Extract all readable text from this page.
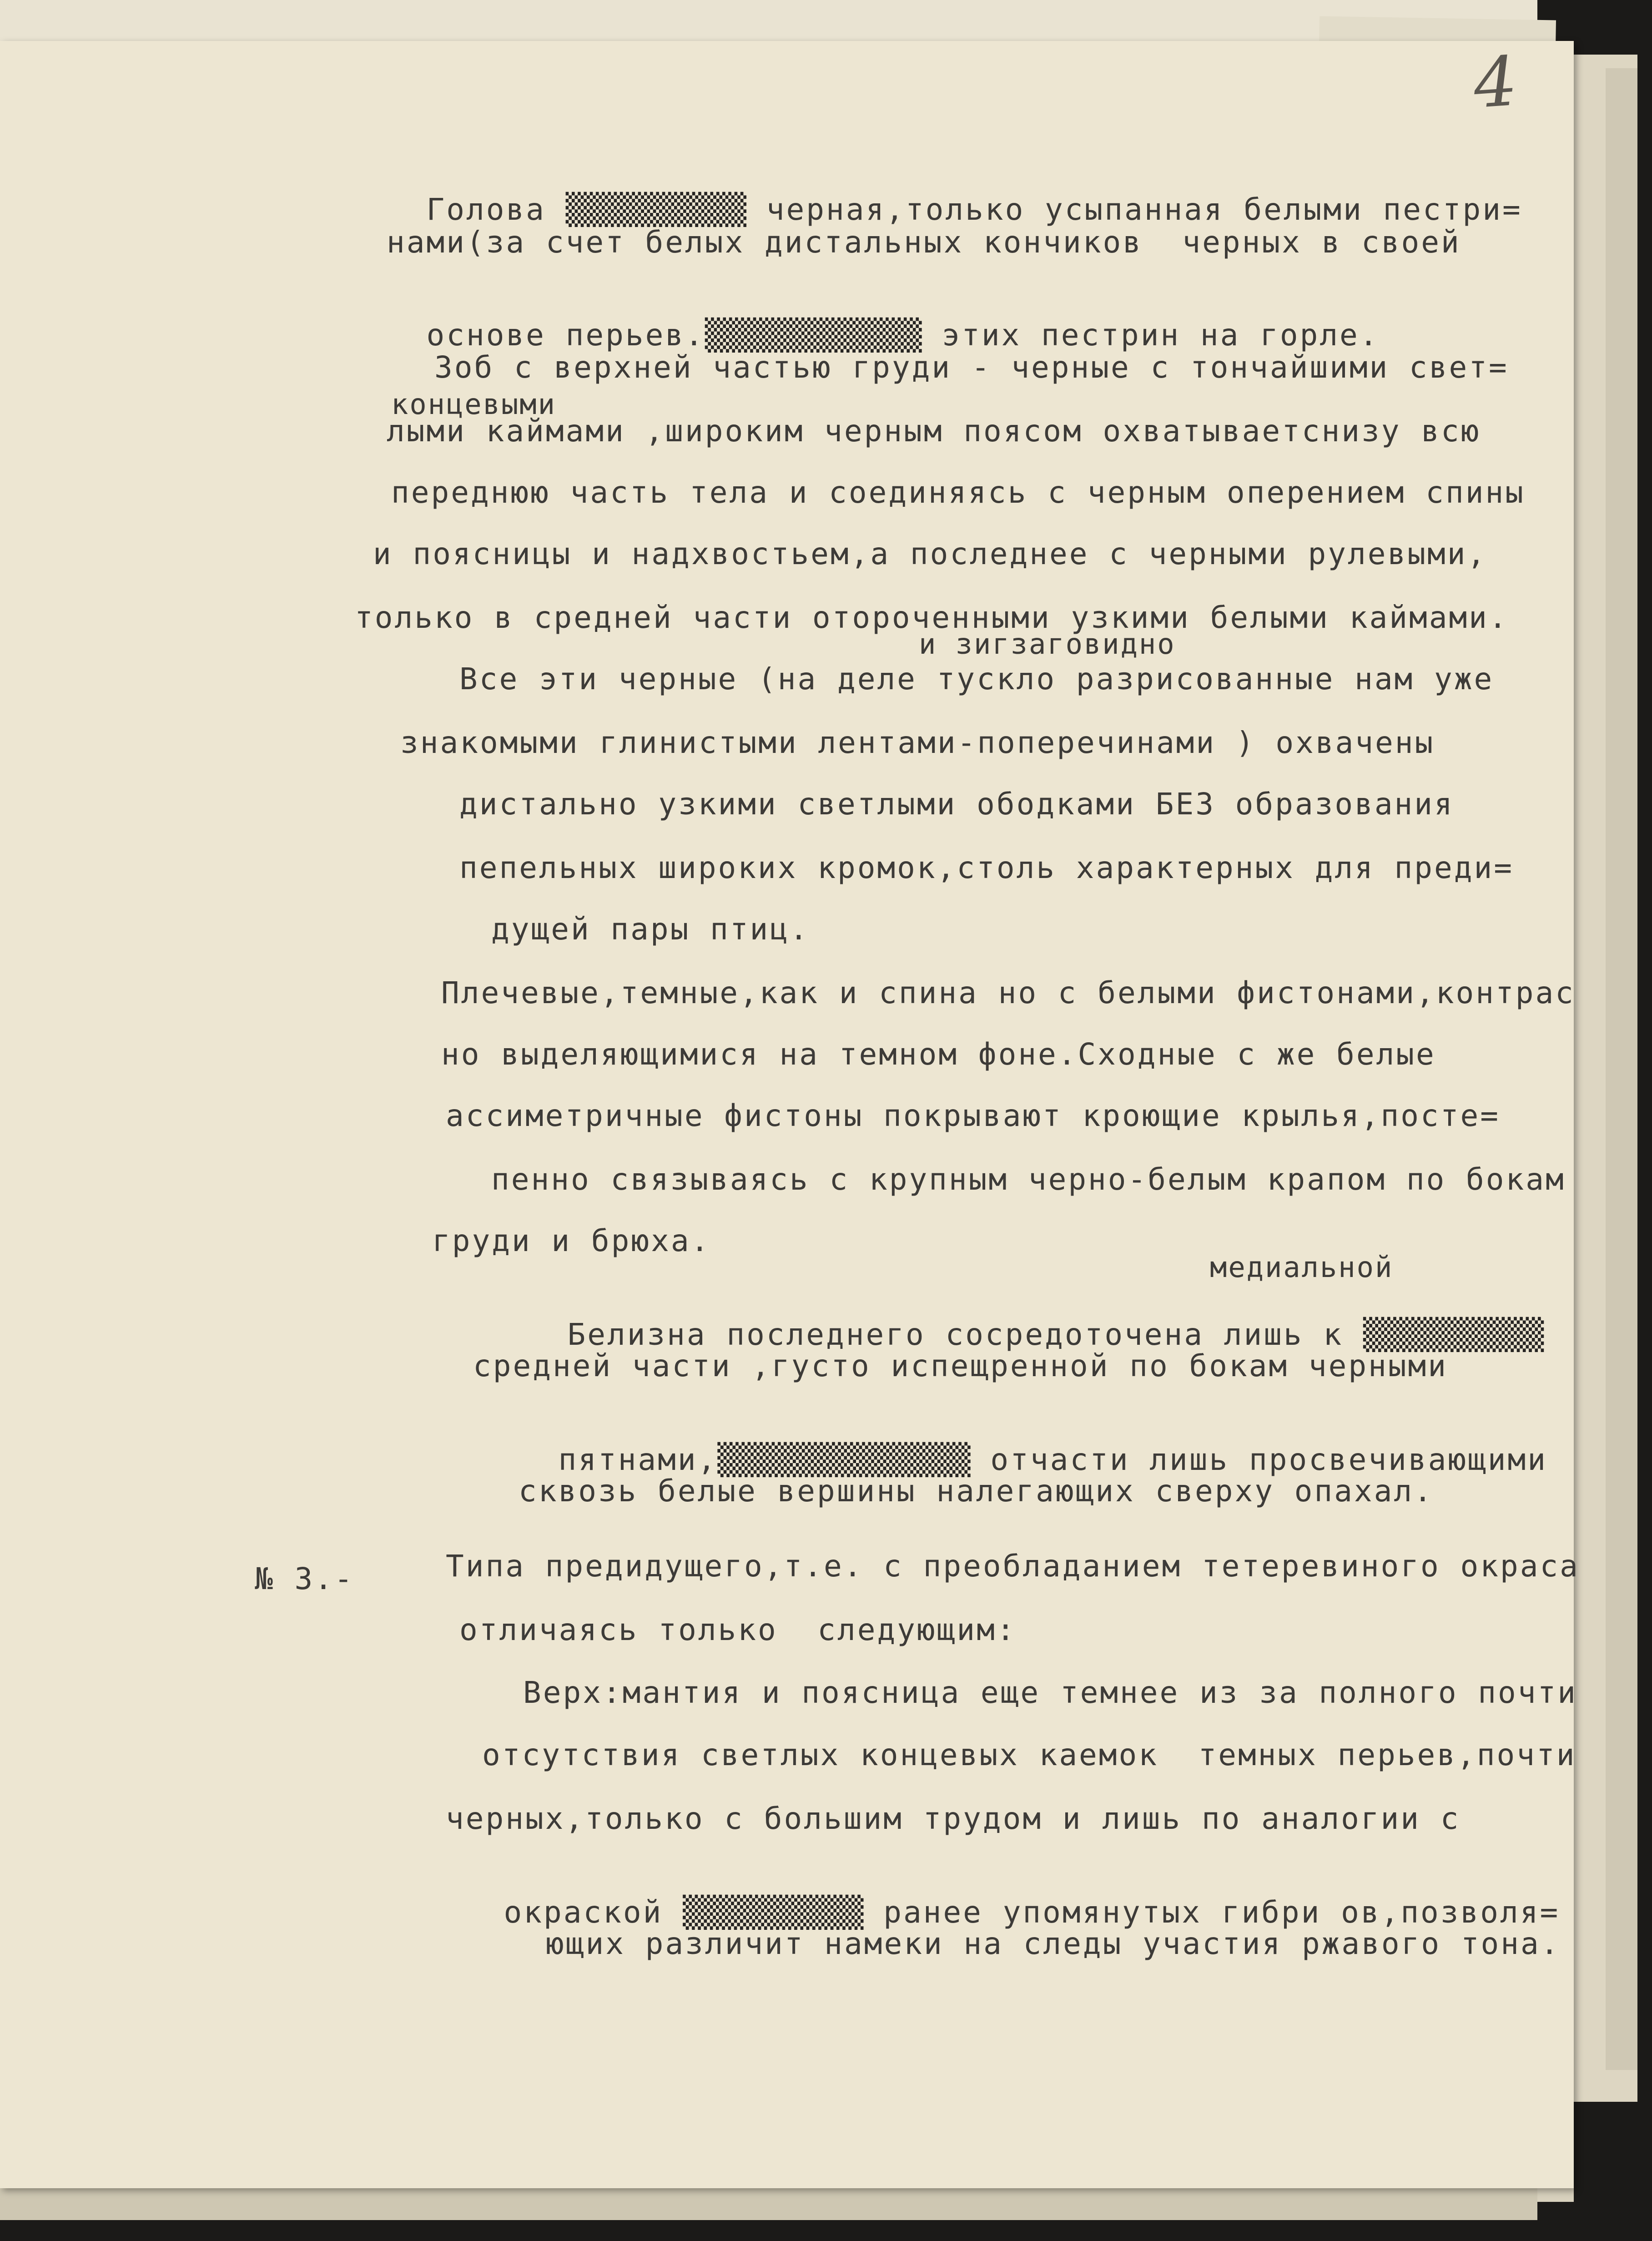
4

Голова ▒▒▒▒▒▒▒▒▒▒ черная,только усыпанная белыми пестри=

нами(за счет белых дистальных кончиков  черных в своей

основе перьев.▒▒▒▒▒▒▒▒▒▒▒▒ этих пестрин на горле.

Зоб с верхней частью груди - черные с тончайшими свет=
концевыми
лыми каймами ,широким черным поясом охватываетснизу всю
переднюю часть тела и соединяясь с черным оперением спины
и поясницы и надхвостьем,а последнее с черными рулевыми,
только в средней части отороченными узкими белыми каймами.
и зигзаговидно
Все эти черные (на деле тускло разрисованные нам уже
знакомыми глинистыми лентами-поперечинами ) охвачены
дистально узкими светлыми ободками БЕЗ образования
пепельных широких кромок,столь характерных для преди=
дущей пары птиц.
Плечевые,темные,как и спина но с белыми фистонами,контрас
но выделяющимися на темном фоне.Сходные с же белые
ассиметричные фистоны покрывают кроющие крылья,посте=
пенно связываясь с крупным черно-белым крапом по бокам
груди и брюха.
медиальной

Белизна последнего сосредоточена лишь к ▒▒▒▒▒▒▒▒▒▒

средней части ,густо испещренной по бокам черными

пятнами,▒▒▒▒▒▒▒▒▒▒▒▒▒▒ отчасти лишь просвечивающими

сквозь белые вершины налегающих сверху опахал.
№ 3.-	Типа предидущего,т.е. с преобладанием тетеревиного окраса
отличаясь только  следующим:
Верх:мантия и поясница еще темнее из за полного почти
отсутствия светлых концевых каемок  темных перьев,почти
черных,только с большим трудом и лишь по аналогии с

окраской ▒▒▒▒▒▒▒▒▒▒ ранее упомянутых гибри ов,позволя=

ющих различит намеки на следы участия ржавого тона.
